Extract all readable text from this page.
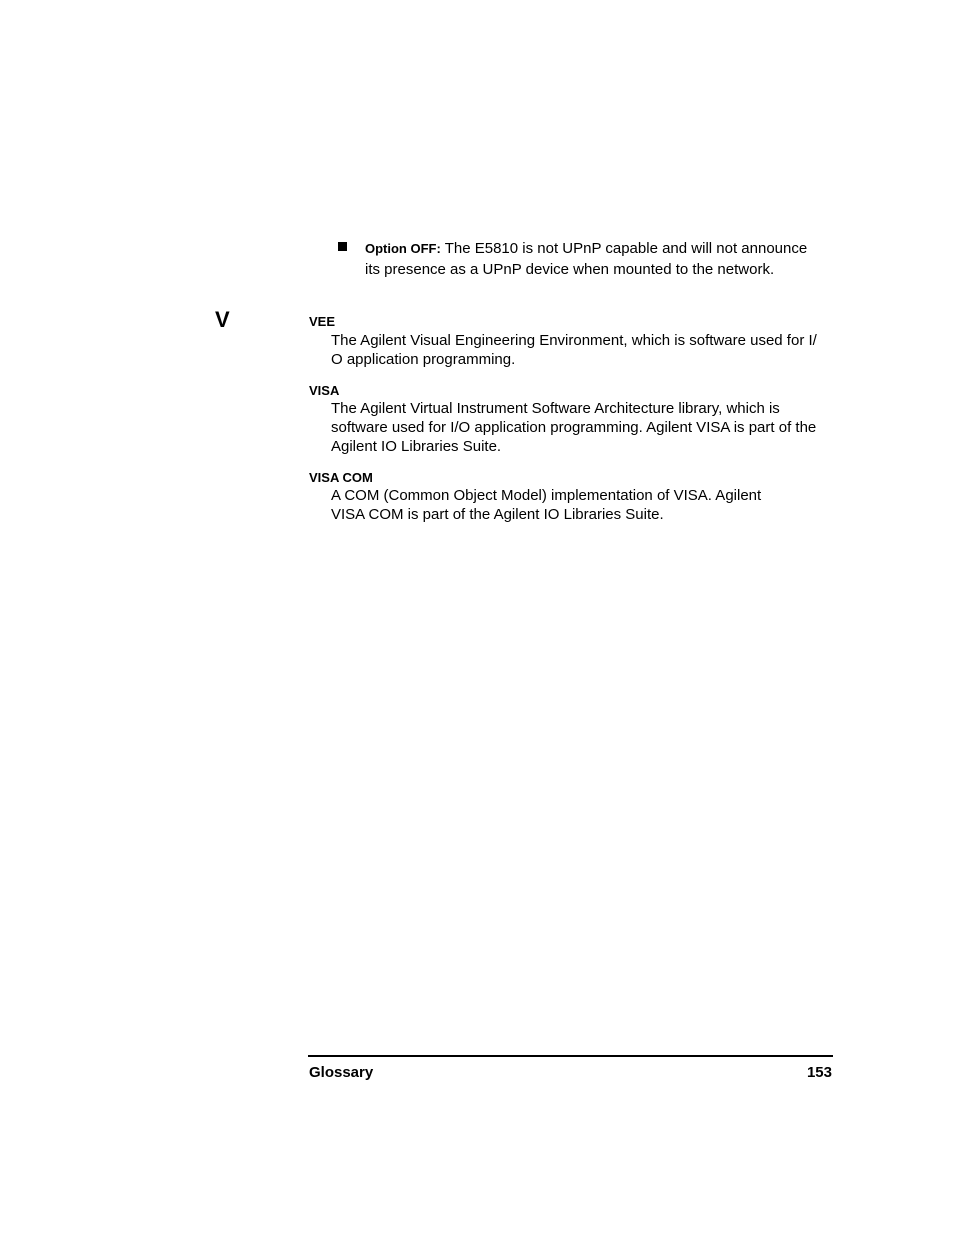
Option OFF: The E5810 is not UPnP capable and will not announce
its presence as a UPnP device when mounted to the network.
V	VEE
The Agilent Visual Engineering Environment, which is software used for I/
O application programming.
VISA
The Agilent Virtual Instrument Software Architecture library, which is
software used for I/O application programming. Agilent VISA is part of the
Agilent IO Libraries Suite.
VISA COM
A COM (Common Object Model) implementation of VISA. Agilent
VISA COM is part of the Agilent IO Libraries Suite.
Glossary	153
